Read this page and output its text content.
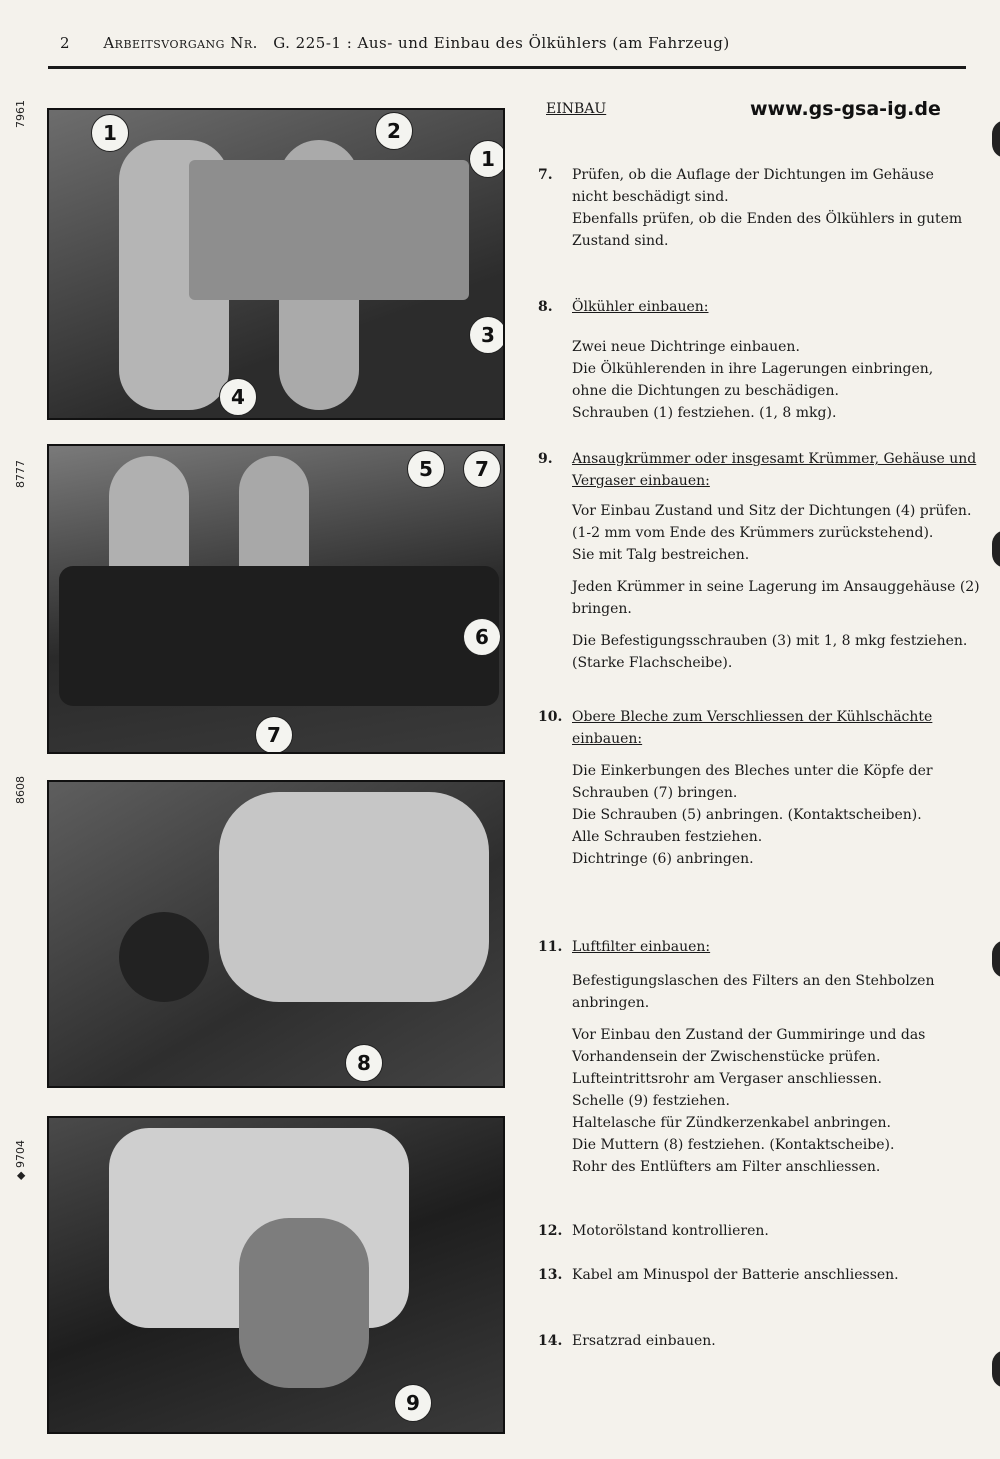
2 Arbeitsvorgang Nr. G. 225-1 : Aus- und Einbau des Ölkühlers (am Fahrzeug)
7961
1	2
1
3
4
8777	5	7
6
7
8608
8
◆ 9704
9
EINBAU	www.gs-gsa-ig.de
7. Prüfen, ob die Auflage der Dichtungen im Gehäuse
nicht beschädigt sind.
Ebenfalls prüfen, ob die Enden des Ölkühlers in gutem
Zustand sind.
8. Ölkühler einbauen:
Zwei neue Dichtringe einbauen.
Die Ölkühlerenden in ihre Lagerungen einbringen,
ohne die Dichtungen zu beschädigen.
Schrauben (1) festziehen. (1, 8 mkg).
9. Ansaugkrümmer oder insgesamt Krümmer, Gehäuse und Vergaser einbauen:

Vor Einbau Zustand und Sitz der Dichtungen (4) prüfen.
(1-2 mm vom Ende des Krümmers zurückstehend).
Sie mit Talg bestreichen.

Jeden Krümmer in seine Lagerung im Ansauggehäuse (2)
bringen.

Die Befestigungsschrauben (3) mit 1, 8 mkg festziehen.
(Starke Flachscheibe).

10. Obere Bleche zum Verschliessen der Kühlschächte einbauen:
Die Einkerbungen des Bleches unter die Köpfe der
Schrauben (7) bringen.
Die Schrauben (5) anbringen. (Kontaktscheiben).
Alle Schrauben festziehen.
Dichtringe (6) anbringen.
11. Luftfilter einbauen:

Befestigungslaschen des Filters an den Stehbolzen
anbringen.

Vor Einbau den Zustand der Gummiringe und das
Vorhandensein der Zwischenstücke prüfen.
Lufteintrittsrohr am Vergaser anschliessen.
Schelle (9) festziehen.
Haltelasche für Zündkerzenkabel anbringen.
Die Muttern (8) festziehen. (Kontaktscheibe).
Rohr des Entlüfters am Filter anschliessen.

12. Motorölstand kontrollieren.
13. Kabel am Minuspol der Batterie anschliessen.
14. Ersatzrad einbauen.
